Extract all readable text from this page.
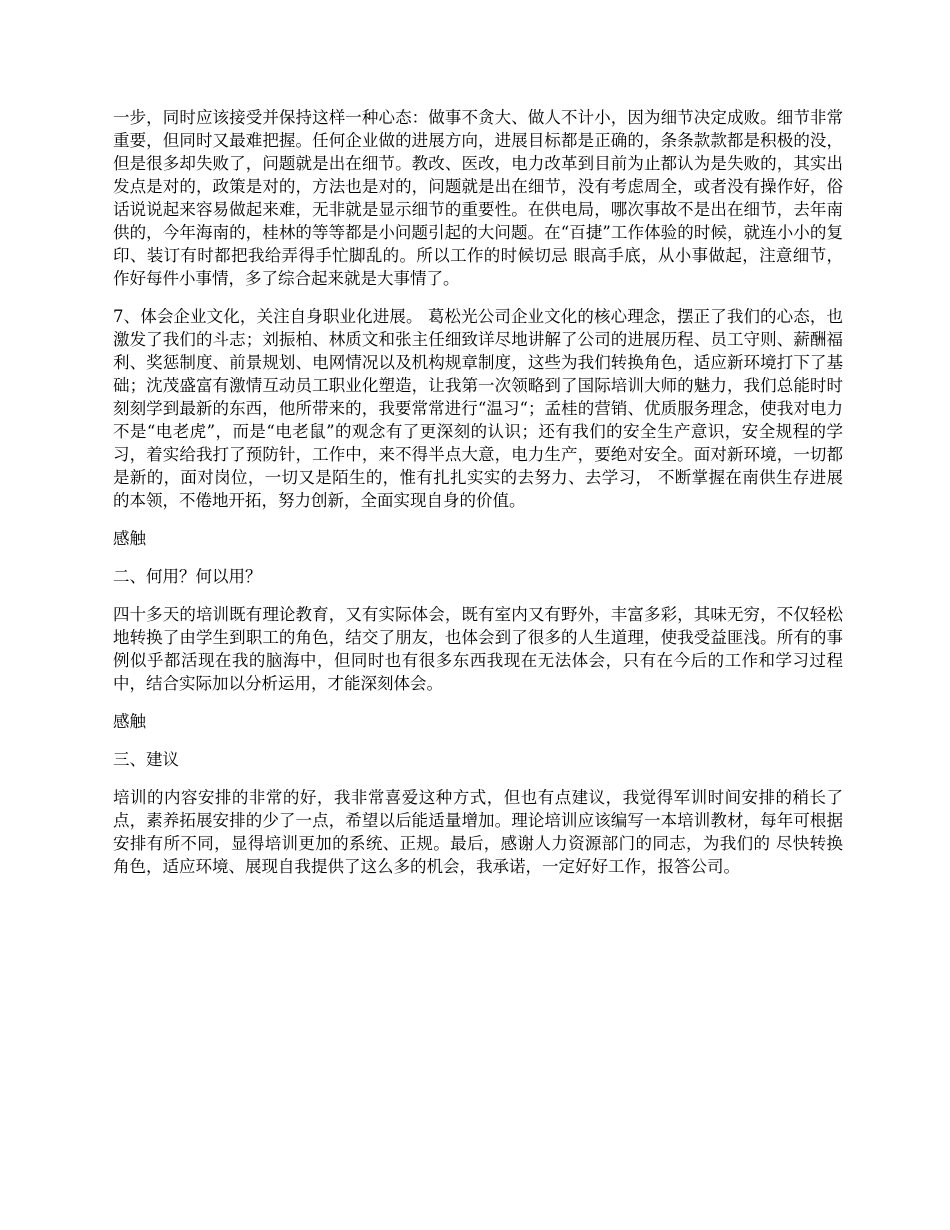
一步，同时应该接受并保持这样一种心态：做事不贪大、做人不计小，因为细节决定成败。细节非常重要，但同时又最难把握。任何企业做的进展方向，进展目标都是正确的，条条款款都是积极的没，但是很多却失败了，问题就是出在细节。教改、医改，电力改革到目前为止都认为是失败的，其实出发点是对的，政策是对的，方法也是对的，问题就是出在细节，没有考虑周全，或者没有操作好，俗话说说起来容易做起来难，无非就是显示细节的重要性。在供电局，哪次事故不是出在细节，去年南供的，今年海南的，桂林的等等都是小问题引起的大问题。在“百捷”工作体验的时候，就连小小的复印、装订有时都把我给弄得手忙脚乱的。所以工作的时候切忌 眼高手底，从小事做起，注意细节，作好每件小事情，多了综合起来就是大事情了。

7、体会企业文化，关注自身职业化进展。 葛松光公司企业文化的核心理念，摆正了我们的心态，也激发了我们的斗志；刘振柏、林质文和张主任细致详尽地讲解了公司的进展历程、员工守则、薪酬福利、奖惩制度、前景规划、电网情况以及机构规章制度，这些为我们转换角色，适应新环境打下了基础；沈茂盛富有激情互动员工职业化塑造，让我第一次领略到了国际培训大师的魅力，我们总能时时刻刻学到最新的东西，他所带来的，我要常常进行“温习“；孟桂的营销、优质服务理念，使我对电力不是“电老虎”，而是“电老鼠”的观念有了更深刻的认识；还有我们的安全生产意识，安全规程的学习，着实给我打了预防针，工作中，来不得半点大意，电力生产，要绝对安全。面对新环境，一切都是新的，面对岗位，一切又是陌生的，惟有扎扎实实的去努力、去学习， 不断掌握在南供生存进展的本领，不倦地开拓，努力创新，全面实现自身的价值。

感触

二、何用？何以用？

四十多天的培训既有理论教育，又有实际体会，既有室内又有野外，丰富多彩，其味无穷，不仅轻松地转换了由学生到职工的角色，结交了朋友，也体会到了很多的人生道理，使我受益匪浅。所有的事例似乎都活现在我的脑海中，但同时也有很多东西我现在无法体会，只有在今后的工作和学习过程中，结合实际加以分析运用，才能深刻体会。

感触

三、建议

培训的内容安排的非常的好，我非常喜爱这种方式，但也有点建议，我觉得军训时间安排的稍长了点，素养拓展安排的少了一点，希望以后能适量增加。理论培训应该编写一本培训教材，每年可根据安排有所不同，显得培训更加的系统、正规。最后，感谢人力资源部门的同志，为我们的 尽快转换角色，适应环境、展现自我提供了这么多的机会，我承诺，一定好好工作，报答公司。
